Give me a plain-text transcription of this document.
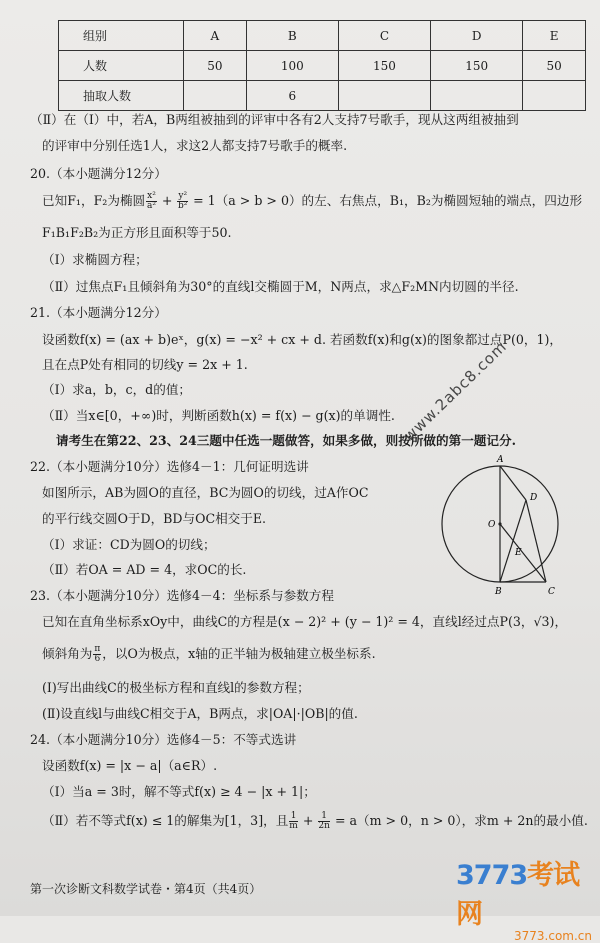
组别	A	B	C	D	E
人数	50	100	150	150	50
抽取人数		6			
（Ⅱ）在（Ⅰ）中，若A，B两组被抽到的评审中各有2人支持7号歌手，现从这两组被抽到
的评审中分别任选1人，求这2人都支持7号歌手的概率.
20.（本小题满分12分）
已知F₁，F₂为椭圆 $\frac{\text{x²}}{\text{a²}} + \frac{\text{y²}}{\text{b²}} = 1(a > b > 0)$的左、右焦点，B₁，B₂为椭圆短轴的端点，四边形
F₁B₁F₂B₂为正方形且面积等于50.
（Ⅰ）求椭圆方程；
（Ⅱ）过焦点F₁且倾斜角为30°的直线l交椭圆于M，N两点，求△F₂MN内切圆的半径.
21.（本小题满分12分）
设函数f(x) = (ax + b)eˣ，g(x) = −x² + cx + d. 若函数f(x)和g(x)的图象都过点P(0，1)，
且在点P处有相同的切线y = 2x + 1.
（Ⅰ）求a，b，c，d的值；
（Ⅱ）当x∈[0，+∞)时，判断函数h(x) = f(x) − g(x)的单调性.
请考生在第22、23、24三题中任选一题做答，如果多做，则按所做的第一题记分.
22.（本小题满分10分）选修4－1：几何证明选讲
如图所示，AB为圆O的直径，BC为圆O的切线，过A作OC
的平行线交圆O于D，BD与OC相交于E.
（Ⅰ）求证：CD为圆O的切线；
（Ⅱ）若OA = AD = 4，求OC的长.
A
D
O
E
B	C
www.2abc8.com
23.（本小题满分10分）选修4－4：坐标系与参数方程
已知在直角坐标系xOy中，曲线C的方程是(x − 2)² + (y − 1)² = 4，直线l经过点P(3，√3)，
倾斜角为 $\frac{\pi}{6}$ ，以O为极点，x轴的正半轴为极轴建立极坐标系.
(Ⅰ)写出曲线C的极坐标方程和直线l的参数方程；
(Ⅱ)设直线l与曲线C相交于A，B两点，求|OA|·|OB|的值.
24.（本小题满分10分）选修4－5：不等式选讲
设函数f(x) = |x − a|（a∈R）.
（Ⅰ）当a = 3时，解不等式f(x) ≥ 4 − |x + 1|；
（Ⅱ）若不等式f(x) ≤ 1的解集为[1，3]，且 $\frac{1}{m} + \frac{1}{2n} = a(m > 0$，n > 0），求m + 2n的最小值.
第一次诊断文科数学试卷・第4页（共4页）	3773考试网
3773.com.cn
